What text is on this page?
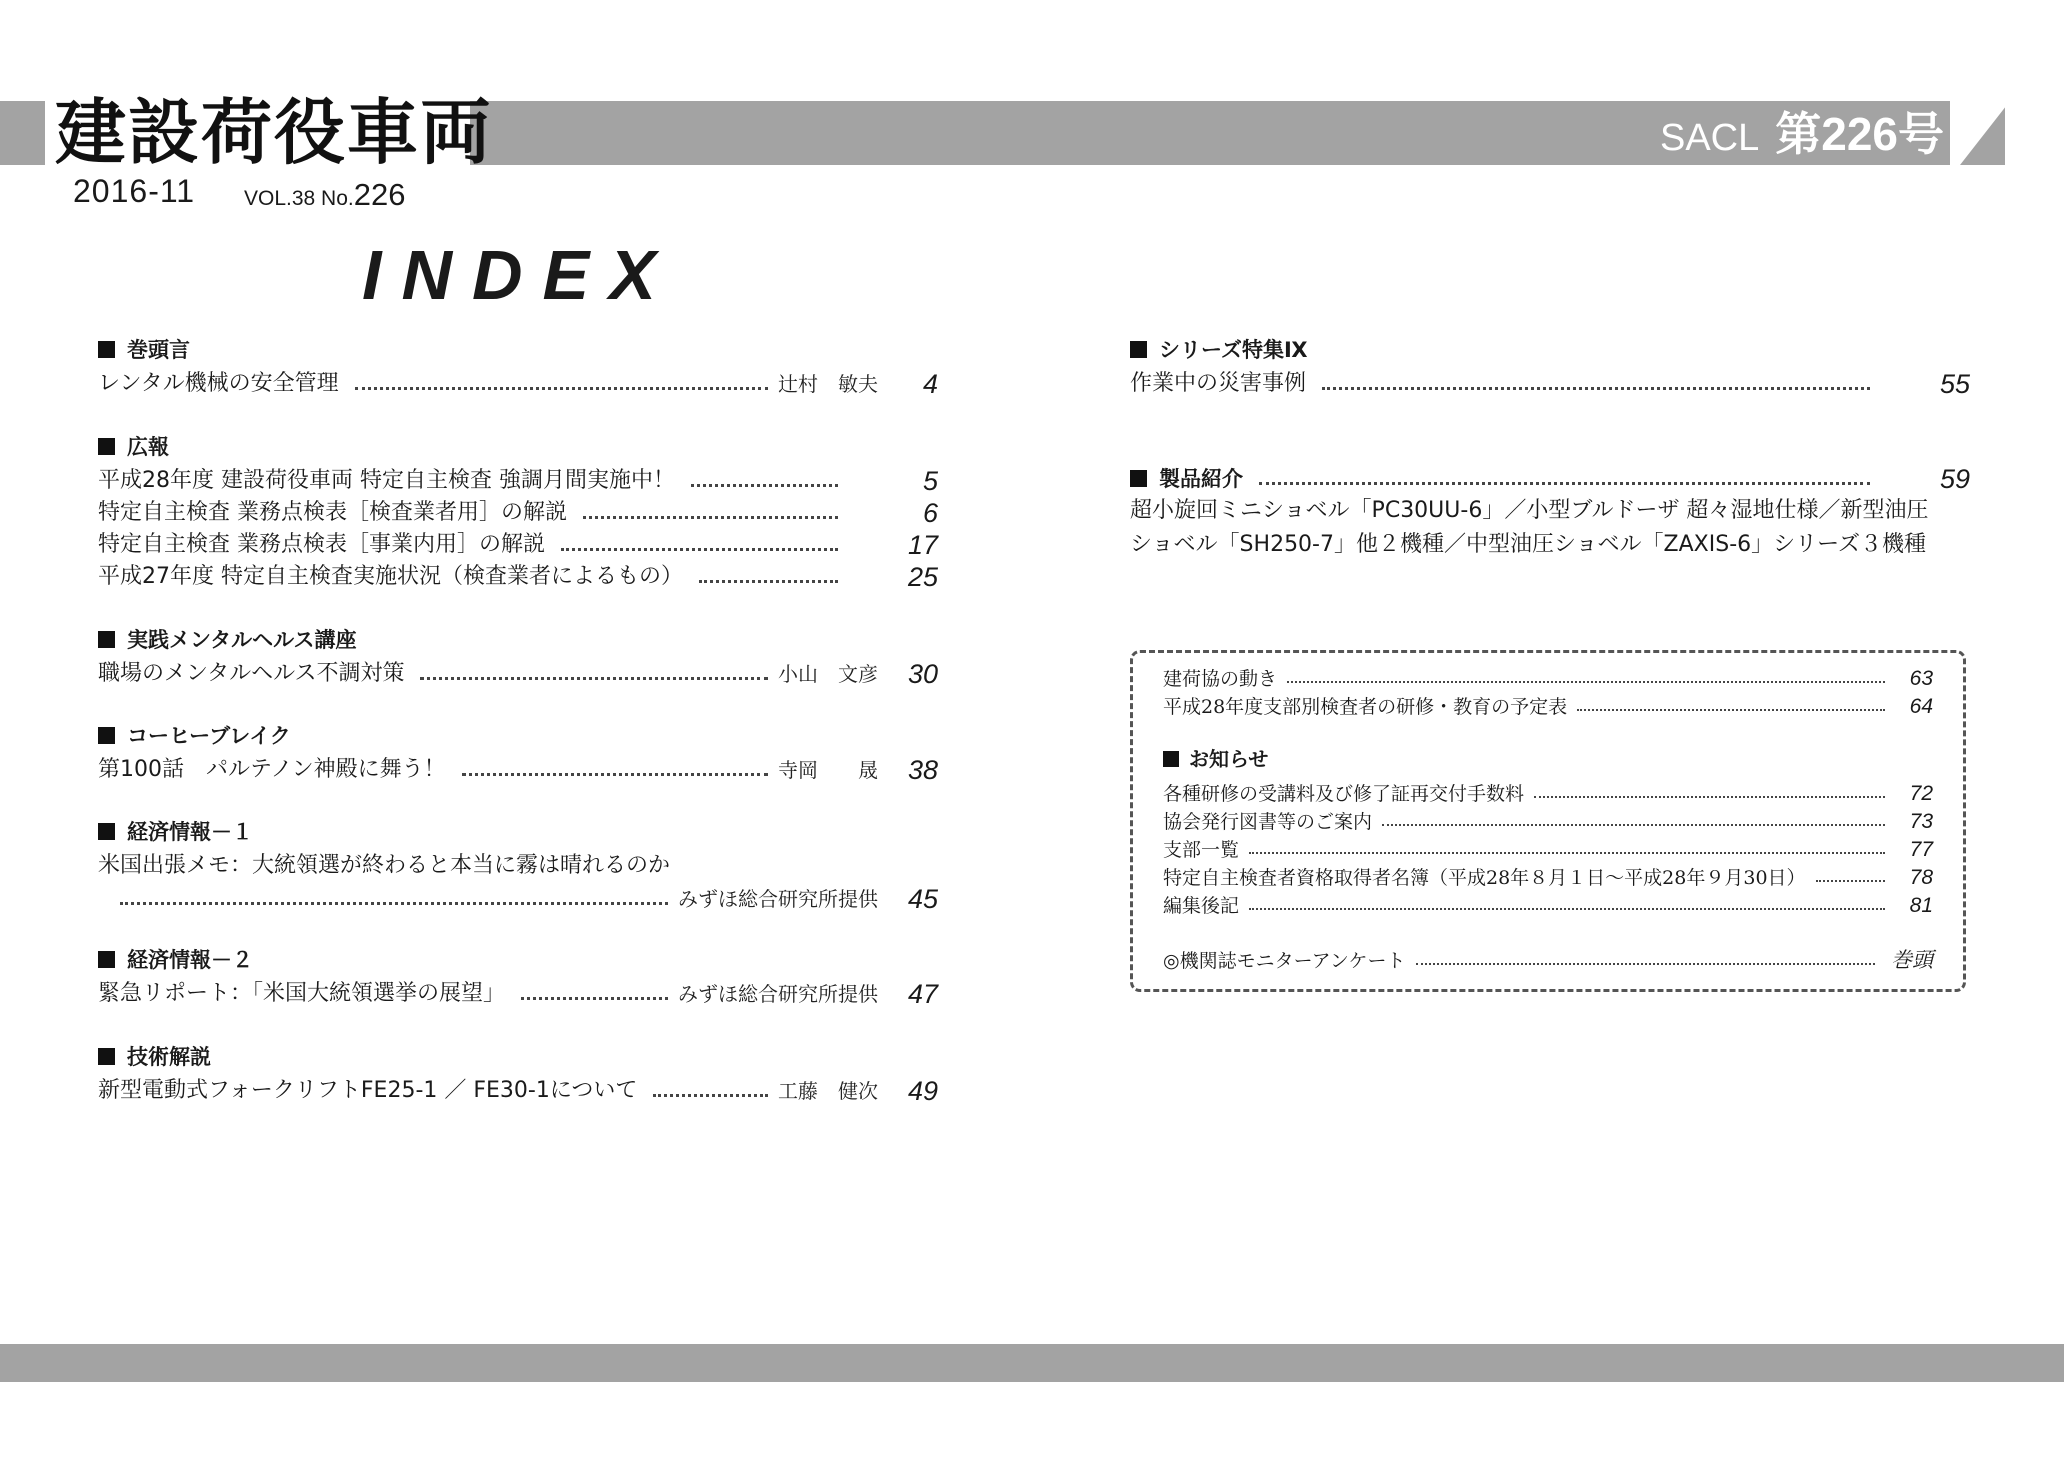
建設荷役車両	SACL 第226号
2016-11 VOL.38 No.226
INDEX
巻頭言
レンタル機械の安全管理	辻村　敏夫	4
広報
平成28年度 建設荷役車両 特定自主検査 強調月間実施中！	5
特定自主検査 業務点検表［検査業者用］の解説	6
特定自主検査 業務点検表［事業内用］の解説	17
平成27年度 特定自主検査実施状況（検査業者によるもの）	25
実践メンタルヘルス講座
職場のメンタルヘルス不調対策	小山　文彦	30
コーヒーブレイク
第100話　パルテノン神殿に舞う！	寺岡　　晟	38
経済情報－１
米国出張メモ：大統領選が終わると本当に霧は晴れるのか
みずほ総合研究所提供	45
経済情報－２
緊急リポート：「米国大統領選挙の展望」	みずほ総合研究所提供	47
技術解説
新型電動式フォークリフトFE25-1 ／ FE30-1について	工藤　健次	49
シリーズ特集Ⅸ
作業中の災害事例	55
製品紹介	59
超小旋回ミニショベル「PC30UU-6」／小型ブルドーザ 超々湿地仕様／新型油圧
ショベル「SH250-7」他２機種／中型油圧ショベル「ZAXIS-6」シリーズ３機種
建荷協の動き	63
平成28年度支部別検査者の研修・教育の予定表	64
お知らせ
各種研修の受講料及び修了証再交付手数料	72
協会発行図書等のご案内	73
支部一覧	77
特定自主検査者資格取得者名簿（平成28年８月１日～平成28年９月30日）	78
編集後記	81
◎機関誌モニターアンケート	巻頭
